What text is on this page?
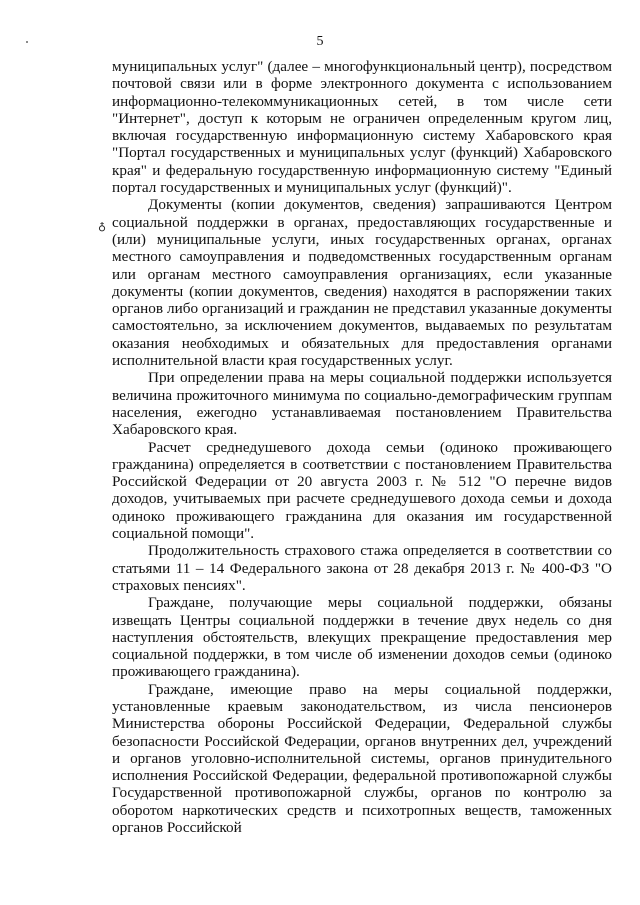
5
♁

муниципальных услуг" (далее – многофункциональный центр), посредством почтовой связи или в форме электронного документа с использованием информационно-телекоммуникационных сетей, в том числе сети "Интернет", доступ к которым не ограничен определенным кругом лиц, включая государственную информационную систему Хабаровского края "Портал государственных и муниципальных услуг (функций) Хабаровского края" и федеральную государственную информационную систему "Единый портал государственных и муниципальных услуг (функций)".

Документы (копии документов, сведения) запрашиваются Центром социальной поддержки в органах, предоставляющих государственные и (или) муниципальные услуги, иных государственных органах, органах местного самоуправления и подведомственных государственным органам или органам местного самоуправления организациях, если указанные документы (копии документов, сведения) находятся в распоряжении таких органов либо организаций и гражданин не представил указанные документы самостоятельно, за исключением документов, выдаваемых по результатам оказания необходимых и обязательных для предоставления органами исполнительной власти края государственных услуг.

При определении права на меры социальной поддержки используется величина прожиточного минимума по социально-демографическим группам населения, ежегодно устанавливаемая постановлением Правительства Хабаровского края.

Расчет среднедушевого дохода семьи (одиноко проживающего гражданина) определяется в соответствии с постановлением Правительства Российской Федерации от 20 августа 2003 г. № 512 "О перечне видов доходов, учитываемых при расчете среднедушевого дохода семьи и дохода одиноко проживающего гражданина для оказания им государственной социальной помощи".

Продолжительность страхового стажа определяется в соответствии со статьями 11 – 14 Федерального закона от 28 декабря 2013 г. № 400-ФЗ "О страховых пенсиях".

Граждане, получающие меры социальной поддержки, обязаны извещать Центры социальной поддержки в течение двух недель со дня наступления обстоятельств, влекущих прекращение предоставления мер социальной поддержки, в том числе об изменении доходов семьи (одиноко проживающего гражданина).

Граждане, имеющие право на меры социальной поддержки, установленные краевым законодательством, из числа пенсионеров Министерства обороны Российской Федерации, Федеральной службы безопасности Российской Федерации, органов внутренних дел, учреждений и органов уголовно-исполнительной системы, органов принудительного исполнения Российской Федерации, федеральной противопожарной службы Государственной противопожарной службы, органов по контролю за оборотом наркотических средств и психотропных веществ, таможенных органов Российской
